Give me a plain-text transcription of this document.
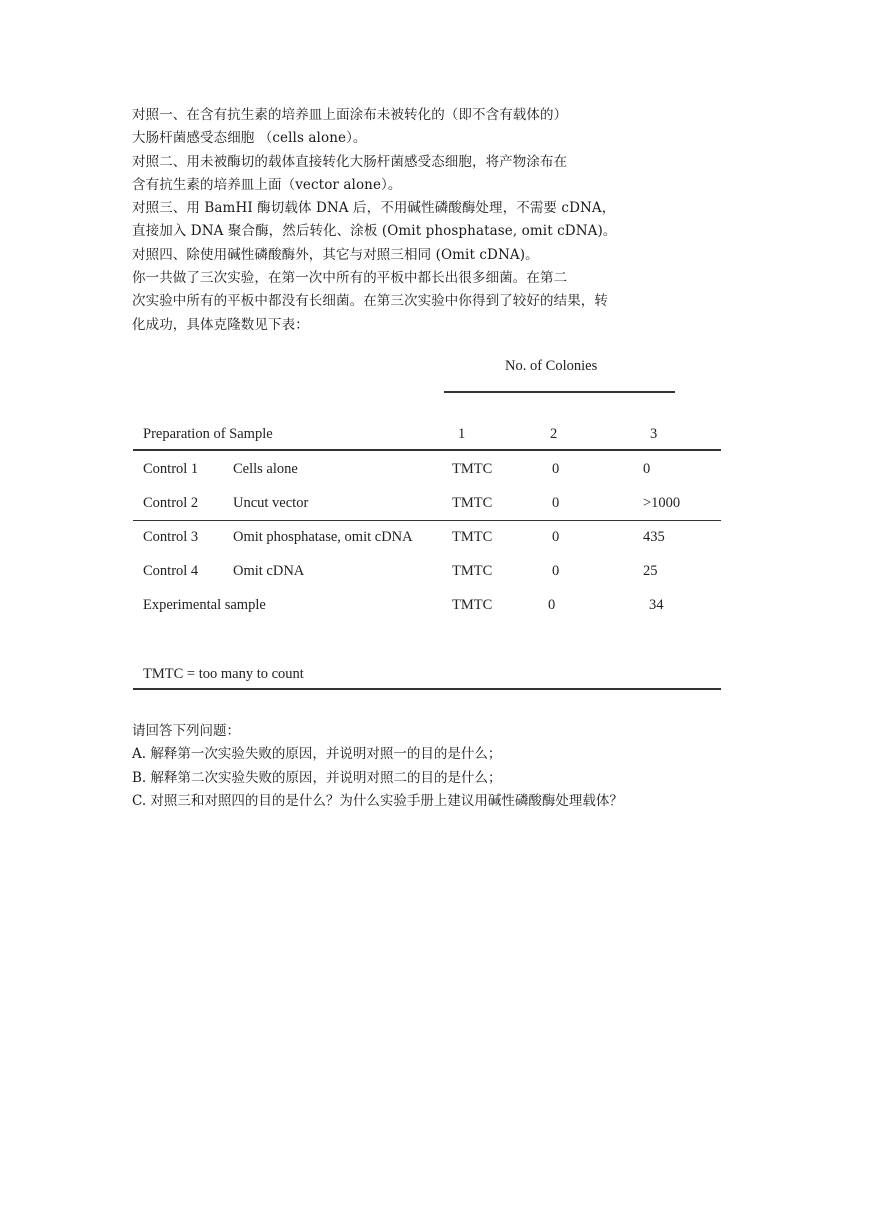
对照一、在含有抗生素的培养皿上面涂布未被转化的（即不含有载体的）
大肠杆菌感受态细胞 （cells alone）。
对照二、用未被酶切的载体直接转化大肠杆菌感受态细胞，将产物涂布在
含有抗生素的培养皿上面（vector alone）。
对照三、用 BamHI 酶切载体 DNA 后，不用碱性磷酸酶处理，不需要 cDNA，
直接加入 DNA 聚合酶，然后转化、涂板 (Omit phosphatase, omit cDNA)。
对照四、除使用碱性磷酸酶外，其它与对照三相同 (Omit cDNA)。
你一共做了三次实验，在第一次中所有的平板中都长出很多细菌。在第二
次实验中所有的平板中都没有长细菌。在第三次实验中你得到了较好的结果，转
化成功，具体克隆数见下表：
No. of Colonies
Preparation of Sample	1	2	3
Control 1 Cells alone	TMTC	0	0
Control 2 Uncut vector	TMTC	0	>1000
Control 3 Omit phosphatase, omit cDNA	TMTC	0	435
Control 4 Omit cDNA	TMTC	0	25
Experimental sample	TMTC	0	34
TMTC = too many to count
请回答下列问题：
A. 解释第一次实验失败的原因，并说明对照一的目的是什么；
B. 解释第二次实验失败的原因，并说明对照二的目的是什么；
C. 对照三和对照四的目的是什么？为什么实验手册上建议用碱性磷酸酶处理载体？
